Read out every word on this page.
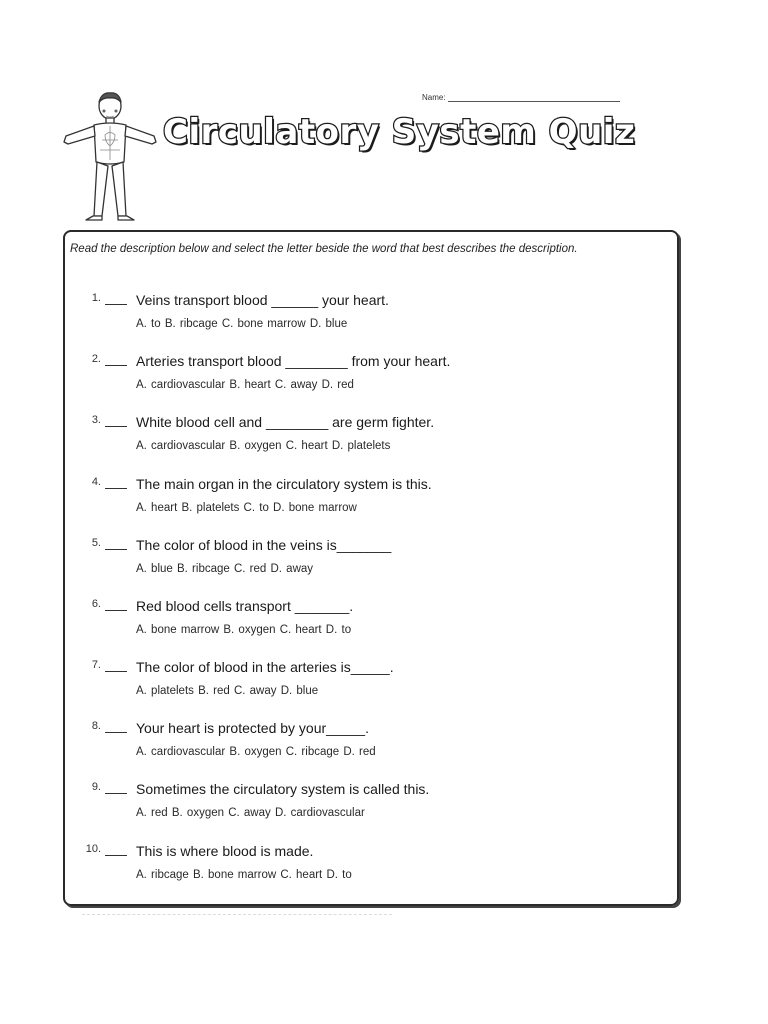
Name:
Circulatory System Quiz
Read the description below and select the letter beside the word that best describes the description.
1.	Veins transport blood ______ your heart.
A. to B. ribcage C. bone marrow D. blue
2.	Arteries transport blood ________ from your heart.
A. cardiovascular B. heart C. away D. red
3.	White blood cell and ________ are germ fighter.
A. cardiovascular B. oxygen C. heart D. platelets
4.	The main organ in the circulatory system is this.
A. heart B. platelets C. to D. bone marrow
5.	The color of blood in the veins is_______
A. blue B. ribcage C. red D. away
6.	Red blood cells transport _______.
A. bone marrow B. oxygen C. heart D. to
7.	The color of blood in the arteries is_____.
A. platelets B. red C. away D. blue
8.	Your heart is protected by your_____.
A. cardiovascular B. oxygen C. ribcage D. red
9.	Sometimes the circulatory system is called this.
A. red B. oxygen C. away D. cardiovascular
10.	This is where blood is made.
A. ribcage B. bone marrow C. heart D. to
